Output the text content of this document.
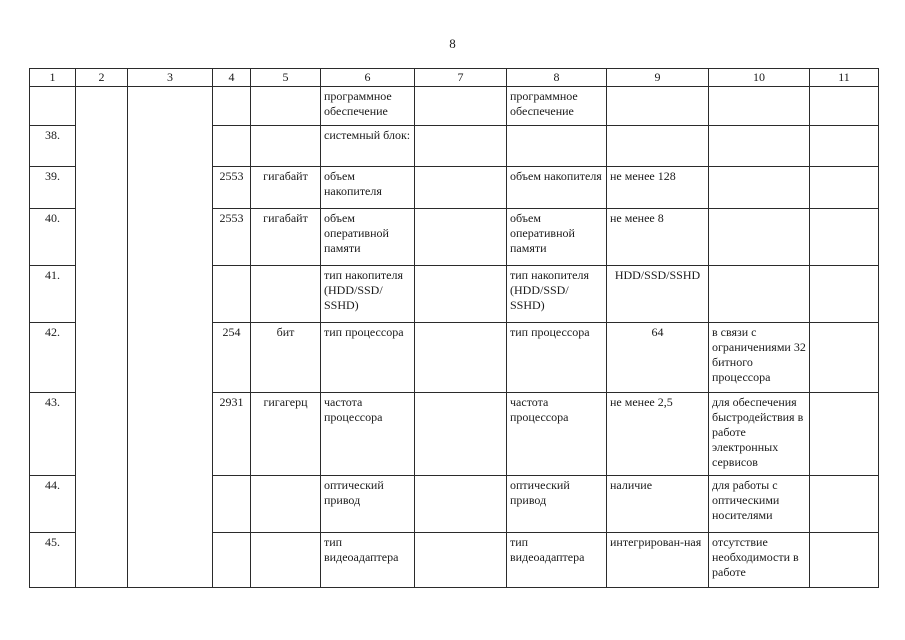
8
1	2	3	4	5	6	7	8	9	10	11
					программное обеспечение		программное обеспечение			
38.					системный блок:					
39.			2553	гигабайт	объем накопителя		объем накопителя	не менее 128		
40.			2553	гигабайт	объем оперативной памяти		объем оперативной памяти	не менее 8		
41.					тип накопителя (HDD/SSD/ SSHD)		тип накопителя (HDD/SSD/ SSHD)	HDD/SSD/SSHD		
42.			254	бит	тип процессора		тип процессора	64	в связи с ограничениями 32 битного процессора	
43.			2931	гигагерц	частота процессора		частота процессора	не менее 2,5	для обеспечения быстродействия в работе электронных сервисов	
44.					оптический привод		оптический привод	наличие	для работы с оптическими носителями	
45.					тип видеоадаптера		тип видеоадаптера	интегрирован-ная	отсутствие необходимости в работе	
